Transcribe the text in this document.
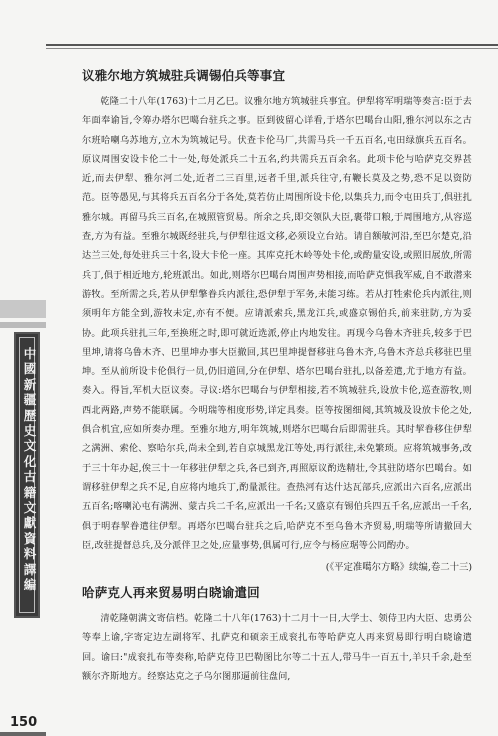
中國新疆歷史文化古籍文獻資料譯編
议雅尔地方筑城驻兵调锡伯兵等事宜

乾隆二十八年(1763)十二月乙巳。议雅尔地方筑城驻兵事宜。伊犁将军明瑞等奏言:臣于去年面奉谕旨,令筹办塔尔巴噶台驻兵之事。臣到彼留心详看,于塔尔巴噶台山阳,雅尔河以东之古尔班哈喇乌苏地方,立木为筑城记号。伏查卡伦马厂,共需马兵一千五百名,屯田绿旗兵五百名。原议周围安设卡伦二十一处,每处派兵二十五名,约共需兵五百余名。此项卡伦与哈萨克交界甚近,而去伊犁、雅尔河二处,近者二三百里,远者千里,派兵往守,有鞭长莫及之势,恐不足以资防范。臣等愚见,与其将兵五百名分于各处,莫若仿止周围所设卡伦,以集兵力,而令屯田兵丁,俱驻扎雅尔城。再留马兵三百名,在城照管贸易。所余之兵,即交领队大臣,裹带口粮,于周围地方,从容巡查,方为有益。至雅尔城既经驻兵,与伊犁往返文移,必须设立台站。请自额敏河沿,至巴尔楚克,沿达兰三处,每处驻兵三十名,设大卡伦一座。其库克托木岭等处卡伦,或酌量安设,或照旧展放,所需兵丁,俱于相近地方,轮班派出。如此,则塔尔巴噶台周围声势相接,而哈萨克惧我军威,自不敢潜来游牧。至所需之兵,若从伊犁擎眷兵内派往,恐伊犁于军务,未能习练。若从打牲索伦兵内派往,则须明年方能全到,游牧未定,亦有不便。应请派索兵,黑龙江兵,或盛京锡伯兵,前来驻防,方为妥协。此项兵驻扎三年,至换班之时,即可就近选派,停止内地发往。再现今乌鲁木齐驻兵,较多于巴里坤,请将乌鲁木齐、巴里坤办事大臣撤回,其巴里坤提督移驻乌鲁木齐,乌鲁木齐总兵移驻巴里坤。至从前所设卡伦俱行一员,仍旧道回,分在伊犁、塔尔巴噶台驻扎,以备差遣,尤于地方有益。奏入。得旨,军机大臣议奏。寻议:塔尔巴噶台与伊犁相接,若不筑城驻兵,设放卡伦,巡查游牧,则西北两路,声势不能联属。今明瑞等相度形势,详定具奏。臣等按图细阅,其筑城及设放卡伦之处,俱合机宜,应如所奏办理。至雅尔地方,明年筑城,则塔尔巴噶台后即需驻兵。其时挈眷移住伊犁之满洲、索伦、察哈尔兵,尚未全到,若自京城黑龙江等处,再行派往,未免繁琐。应将筑城事务,改于三十年办起,俟三十一年移驻伊犁之兵,各已到齐,再照原议酌选精壮,令其驻防塔尔巴噶台。如谓移驻伊犁之兵不足,自应将内地兵丁,酌量派往。查热河有达什达瓦部兵,应派出六百名,应派出五百名;喀喇沁屯有满洲、蒙古兵二千名,应派出一千名;又盛京有锡伯兵四五千名,应派出一千名,俱于明春挈眷遣往伊犁。再塔尔巴噶台驻兵之后,哈萨克不至乌鲁木齐贸易,明瑞等所请撤回大臣,改驻提督总兵,及分派伴卫之处,应量事势,俱属可行,应令与杨应琚等公同酌办。

(《平定准噶尔方略》续编,卷二十三)
哈萨克人再来贸易明白晓谕遣回

清乾隆朝满文寄信档。乾隆二十八年(1763)十二月十一日,大学士、领侍卫内大臣、忠勇公等奉上谕,字寄定边左副将军、扎萨克和硕亲王成衮扎布等哈萨克人再来贸易即行明白晓谕遣回。谕曰:"成衮扎布等奏称,哈萨克侍卫巴勒图比尔等二十五人,带马牛一百五十,羊只千余,赴至额尔齐斯地方。经察达克之子乌尔图那逼前往盘问,

150
